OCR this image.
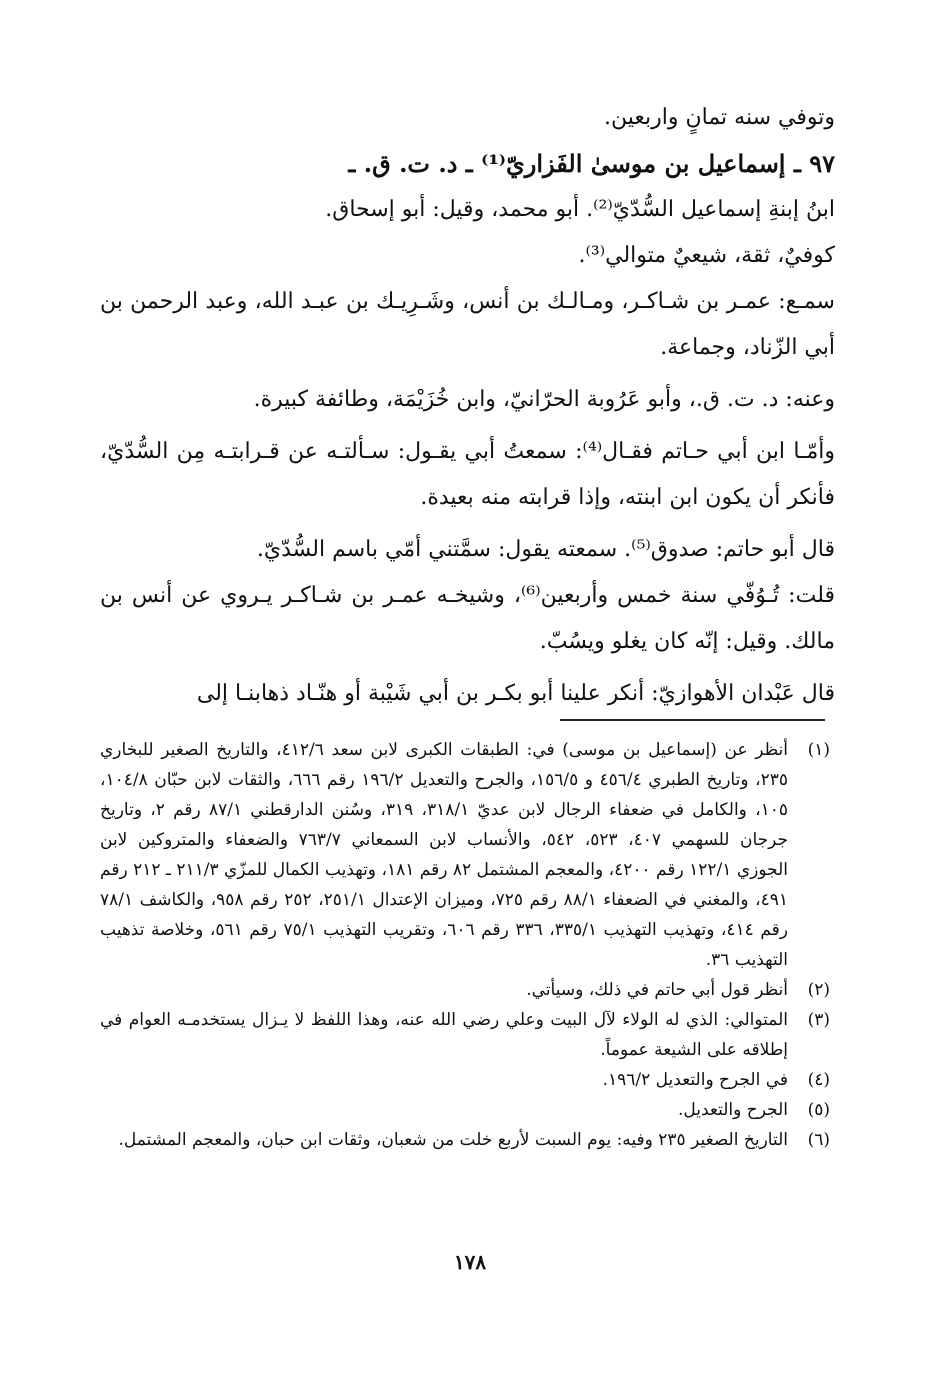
وتوفي سنه تمانٍ واربعين.

٩٧ ـ إسماعيل بن موسىٰ الفَزاريّ⁽¹⁾ ـ د. ت. ق. ـ

ابنُ إبنةِ إسماعيل السُّدّيّ⁽²⁾. أبو محمد، وقيل: أبو إسحاق.

كوفيٌ، ثقة، شيعيٌ متوالي⁽³⁾.

سمـع: عمـر بن شـاكـر، ومـالـك بن أنس، وشَـرِيـك بن عبـد الله، وعبد الرحمن بن أبي الزّناد، وجماعة.

وعنه: د. ت. ق.، وأبو عَرُوبة الحرّانيّ، وابن خُزَيْمَة، وطائفة كبيرة.

وأمّـا ابن أبي حـاتم فقـال⁽⁴⁾: سمعتُ أبي يقـول: سـألتـه عن قـرابتـه مِن السُّدّيّ، فأنكر أن يكون ابن ابنته، وإذا قرابته منه بعيدة.

قال أبو حاتم: صدوق⁽⁵⁾. سمعته يقول: سمَّتني أمّي باسم السُّدّيّ.

قلت: تُـوُفّي سنة خمس وأربعين⁽⁶⁾، وشيخـه عمـر بن شـاكـر يـروي عن أنس بن مالك. وقيل: إنّه كان يغلو ويسُبّ.

قال عَبْدان الأهوازيّ: أنكر علينا أبو بكـر بن أبي شَيْبة أو هنّـاد ذهابنـا إلى

(١)
أنظر عن (إسماعيل بن موسى) في: الطبقات الكبرى لابن سعد ٤١٢/٦، والتاريخ الصغير للبخاري ٢٣٥، وتاريخ الطبري ٤٥٦/٤ و ١٥٦/٥، والجرح والتعديل ١٩٦/٢ رقم ٦٦٦، والثقات لابن حبّان ١٠٤/٨، ١٠٥، والكامل في ضعفاء الرجال لابن عديّ ٣١٨/١، ٣١٩، وسُنن الدارقطني ٨٧/١ رقم ٢، وتاريخ جرجان للسهمي ٤٠٧، ٥٢٣، ٥٤٢، والأنساب لابن السمعاني ٧٦٣/٧ والضعفاء والمتروكين لابن الجوزي ١٢٢/١ رقم ٤٢٠٠، والمعجم المشتمل ٨٢ رقم ١٨١، وتهذيب الكمال للمزّي ٢١١/٣ ـ ٢١٢ رقم ٤٩١، والمغني في الضعفاء ٨٨/١ رقم ٧٢٥، وميزان الإعتدال ٢٥١/١، ٢٥٢ رقم ٩٥٨، والكاشف ٧٨/١ رقم ٤١٤، وتهذيب التهذيب ٣٣٥/١، ٣٣٦ رقم ٦٠٦، وتقريب التهذيب ٧٥/١ رقم ٥٦١، وخلاصة تذهيب التهذيب ٣٦.
(٢)
أنظر قول أبي حاتم في ذلك، وسيأتي.
(٣)
المتوالي: الذي له الولاء لآل البيت وعلي رضي الله عنه، وهذا اللفظ لا يـزال يستخدمـه العوام في إطلاقه على الشيعة عموماً.
(٤)
في الجرح والتعديل ١٩٦/٢.
(٥)
الجرح والتعديل.
(٦)
التاريخ الصغير ٢٣٥ وفيه: يوم السبت لأربع خلت من شعبان، وثقات ابن حبان، والمعجم المشتمل.
١٧٨
